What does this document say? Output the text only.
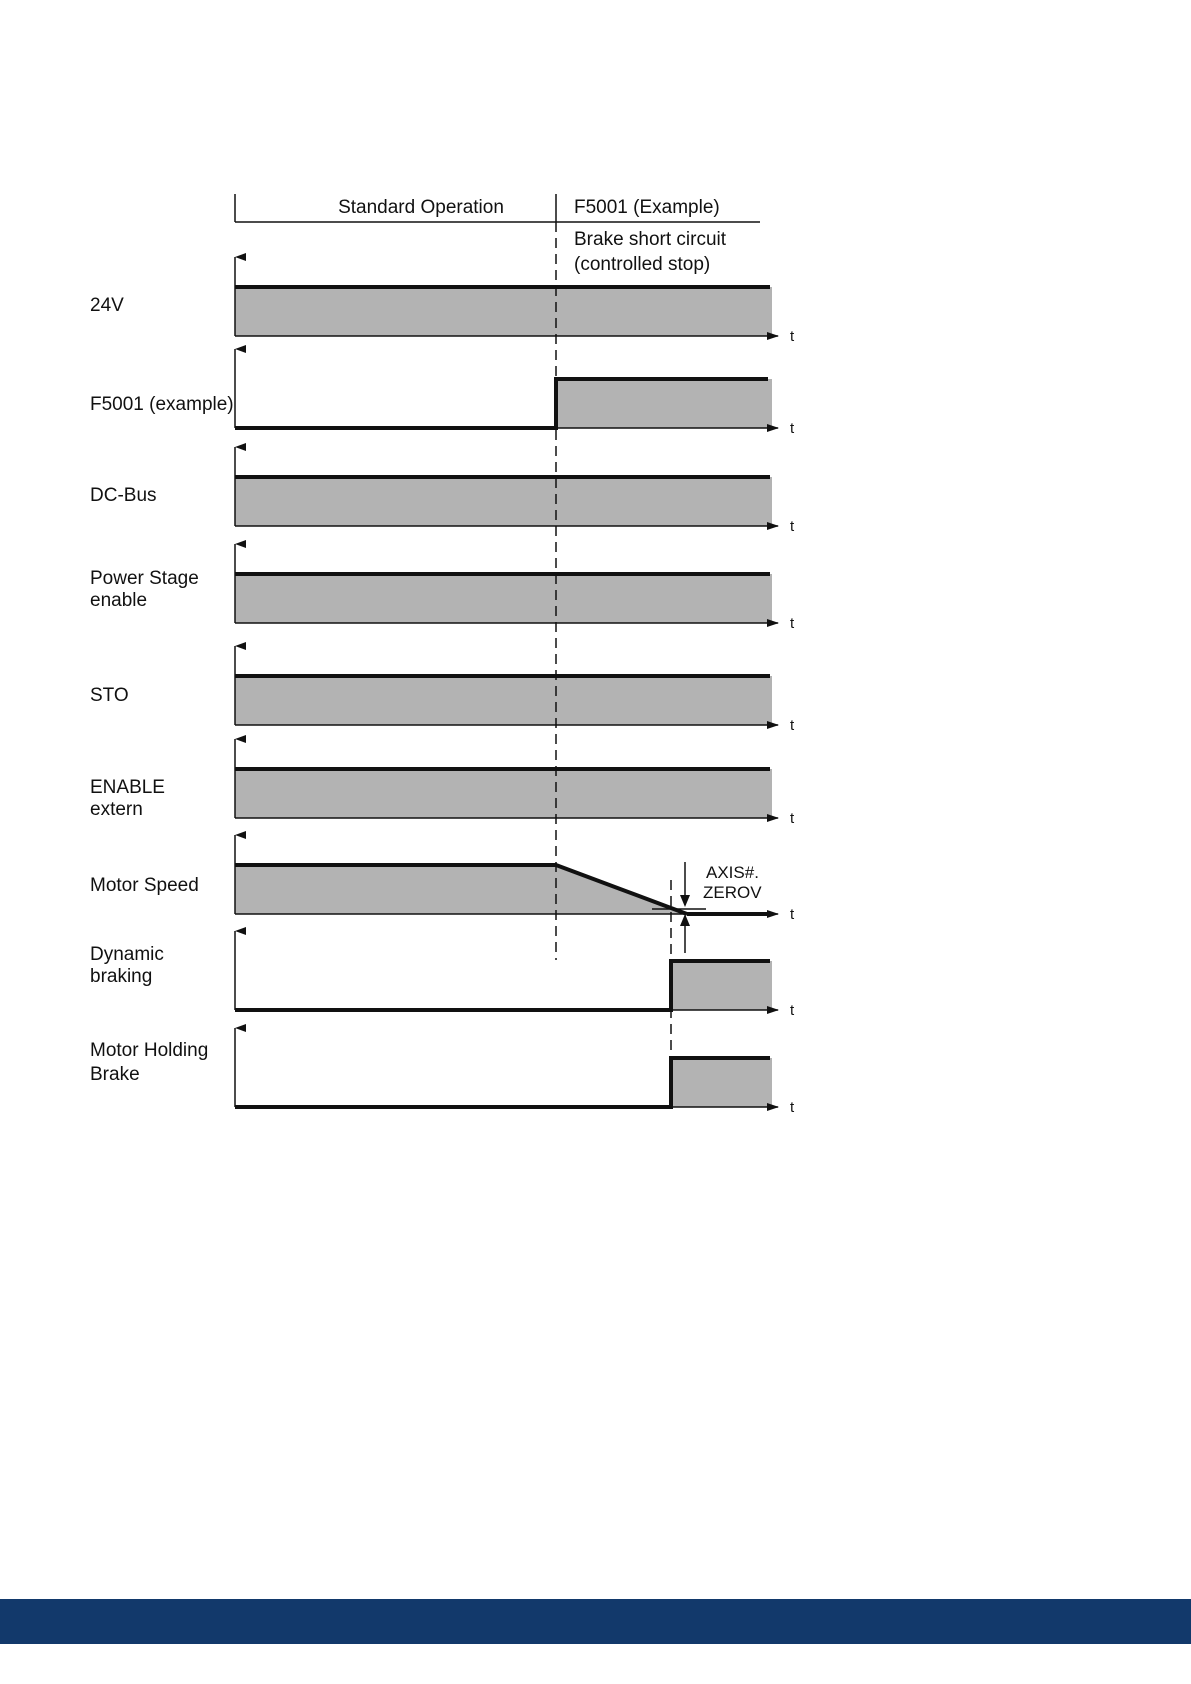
Standard Operation	F5001 (Example)
Brake short circuit
(controlled stop)
t
24V
t
F5001 (example)
t
DC-Bus
t
Power Stage
enable
t
STO
t
ENABLE
extern
t
Motor Speed
t
Dynamic
braking
t
Motor Holding
Brake
AXIS#.
ZEROV
